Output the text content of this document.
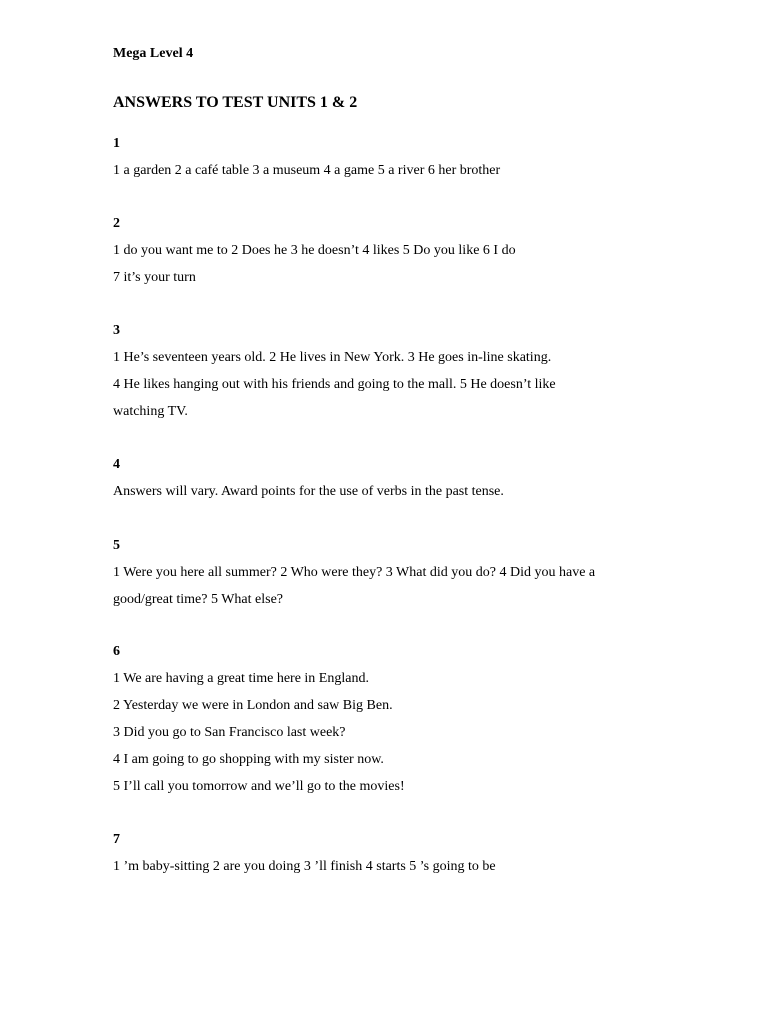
Mega Level 4
ANSWERS TO TEST UNITS 1 & 2
1
1 a garden 2 a café table 3 a museum 4 a game 5 a river 6 her brother
2
1 do you want me to 2 Does he 3 he doesn’t 4 likes 5 Do you like 6 I do
7 it’s your turn
3
1 He’s seventeen years old. 2 He lives in New York. 3 He goes in-line skating.
4 He likes hanging out with his friends and going to the mall. 5 He doesn’t like
watching TV.
4
Answers will vary. Award points for the use of verbs in the past tense.
5
1 Were you here all summer? 2 Who were they? 3 What did you do? 4 Did you have a
good/great time? 5 What else?
6
1 We are having a great time here in England.
2 Yesterday we were in London and saw Big Ben.
3 Did you go to San Francisco last week?
4 I am going to go shopping with my sister now.
5 I’ll call you tomorrow and we’ll go to the movies!
7
1 ’m baby-sitting 2 are you doing 3 ’ll finish 4 starts 5 ’s going to be
